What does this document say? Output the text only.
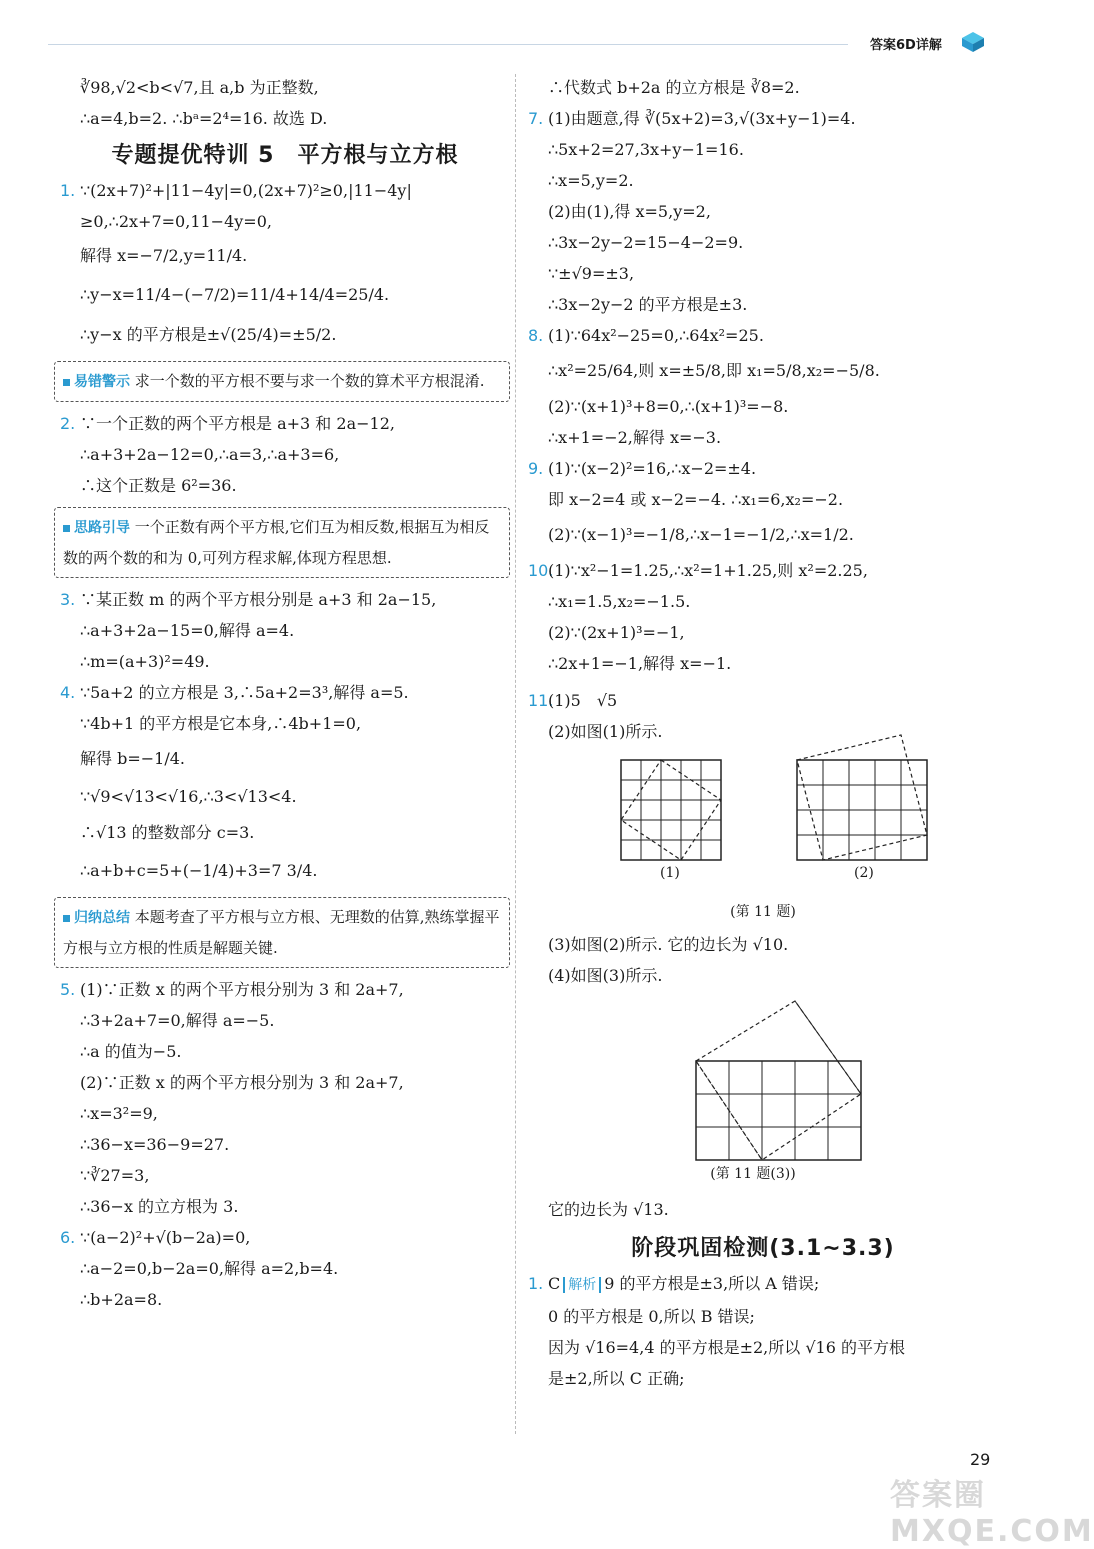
答案6D详解
∛98,√2<b<√7,且 a,b 为正整数,
∴a=4,b=2. ∴bᵃ=2⁴=16. 故选 D.
专题提优特训 5　平方根与立方根
1. ∵(2x+7)²+|11−4y|=0,(2x+7)²≥0,|11−4y|
≥0,∴2x+7=0,11−4y=0,
解得 x=−7/2,y=11/4.
∴y−x=11/4−(−7/2)=11/4+14/4=25/4.
∴y−x 的平方根是±√(25/4)=±5/2.
易错警示 求一个数的平方根不要与求一个数的算术平方根混淆.
2. ∵一个正数的两个平方根是 a+3 和 2a−12,
∴a+3+2a−12=0,∴a=3,∴a+3=6,
∴这个正数是 6²=36.
思路引导 一个正数有两个平方根,它们互为相反数,根据互为相反数的两个数的和为 0,可列方程求解,体现方程思想.
3. ∵某正数 m 的两个平方根分别是 a+3 和 2a−15,
∴a+3+2a−15=0,解得 a=4.
∴m=(a+3)²=49.
4. ∵5a+2 的立方根是 3,∴5a+2=3³,解得 a=5.
∵4b+1 的平方根是它本身,∴4b+1=0,
解得 b=−1/4.
∵√9<√13<√16,∴3<√13<4.
∴√13 的整数部分 c=3.
∴a+b+c=5+(−1/4)+3=7 3/4.
归纳总结 本题考查了平方根与立方根、无理数的估算,熟练掌握平方根与立方根的性质是解题关键.
5. (1)∵正数 x 的两个平方根分别为 3 和 2a+7,
∴3+2a+7=0,解得 a=−5.
∴a 的值为−5.
(2)∵正数 x 的两个平方根分别为 3 和 2a+7,
∴x=3²=9,
∴36−x=36−9=27.
∵∛27=3,
∴36−x 的立方根为 3.
6. ∵(a−2)²+√(b−2a)=0,
∴a−2=0,b−2a=0,解得 a=2,b=4.
∴b+2a=8.
∴代数式 b+2a 的立方根是 ∛8=2.
7. (1)由题意,得 ∛(5x+2)=3,√(3x+y−1)=4.
∴5x+2=27,3x+y−1=16.
∴x=5,y=2.
(2)由(1),得 x=5,y=2,
∴3x−2y−2=15−4−2=9.
∵±√9=±3,
∴3x−2y−2 的平方根是±3.
8. (1)∵64x²−25=0,∴64x²=25.
∴x²=25/64,则 x=±5/8,即 x₁=5/8,x₂=−5/8.
(2)∵(x+1)³+8=0,∴(x+1)³=−8.
∴x+1=−2,解得 x=−3.
9. (1)∵(x−2)²=16,∴x−2=±4.
即 x−2=4 或 x−2=−4. ∴x₁=6,x₂=−2.
(2)∵(x−1)³=−1/8,∴x−1=−1/2,∴x=1/2.
10.(1)∵x²−1=1.25,∴x²=1+1.25,则 x²=2.25,
∴x₁=1.5,x₂=−1.5.
(2)∵(2x+1)³=−1,
∴2x+1=−1,解得 x=−1.
11.(1)5　√5
(2)如图(1)所示.
(1)	(2)
(第 11 题)
(3)如图(2)所示. 它的边长为 √10.
(4)如图(3)所示.
(第 11 题(3))
它的边长为 √13.
阶段巩固检测(3.1~3.3)
1. C 解析 9 的平方根是±3,所以 A 错误;
0 的平方根是 0,所以 B 错误;
因为 √16=4,4 的平方根是±2,所以 √16 的平方根
是±2,所以 C 正确;
29
答案圈 MXQE.COM
